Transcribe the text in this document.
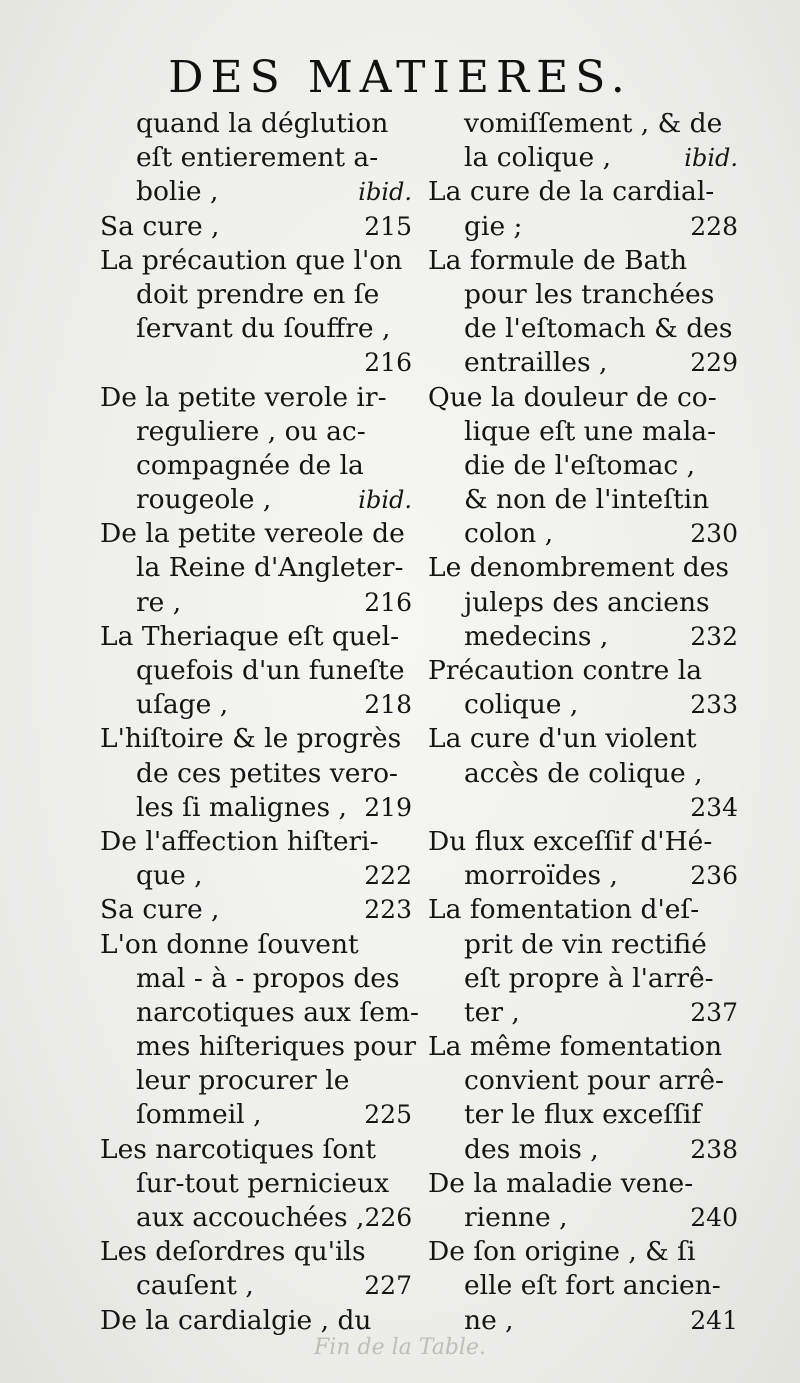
DES MATIERES.
quand la déglution
eſt entierement a-
bolie ,	ibid.
Sa cure ,	215
La précaution que l'on
doit prendre en ſe
ſervant du ſouffre ,
216
De la petite verole ir-
reguliere , ou ac-
compagnée de la
rougeole ,	ibid.
De la petite vereole de
la Reine d'Angleter-
re ,	216
La Theriaque eſt quel-
quefois d'un funeſte
uſage ,	218
L'hiſtoire & le progrès
de ces petites vero-
les ſi malignes , 219
De l'affection hiſteri-
que ,	222
Sa cure ,	223
L'on donne ſouvent
mal - à - propos des
narcotiques aux ſem-
mes hiſteriques pour
leur procurer le
ſommeil ,	225
Les narcotiques ſont
ſur-tout pernicieux
aux accouchées , 226
Les deſordres qu'ils
cauſent ,	227
De la cardialgie , du
vomiſſement , & de
la colique ,	ibid.
La cure de la cardial-
gie ;	228
La formule de Bath
pour les tranchées
de l'eſtomach & des
entrailles ,	229
Que la douleur de co-
lique eſt une mala-
die de l'eſtomac ,
& non de l'inteſtin
colon ,	230
Le denombrement des
juleps des anciens
medecins ,	232
Précaution contre la
colique ,	233
La cure d'un violent
accès de colique ,
234
Du flux exceſſif d'Hé-
morroïdes ,	236
La fomentation d'eſ-
prit de vin rectifié
eſt propre à l'arrê-
ter ,	237
La même fomentation
convient pour arrê-
ter le flux exceſſif
des mois ,	238
De la maladie vene-
rienne ,	240
De ſon origine , & ſi
elle eſt fort ancien-
ne ,	241
Fin de la Table.
